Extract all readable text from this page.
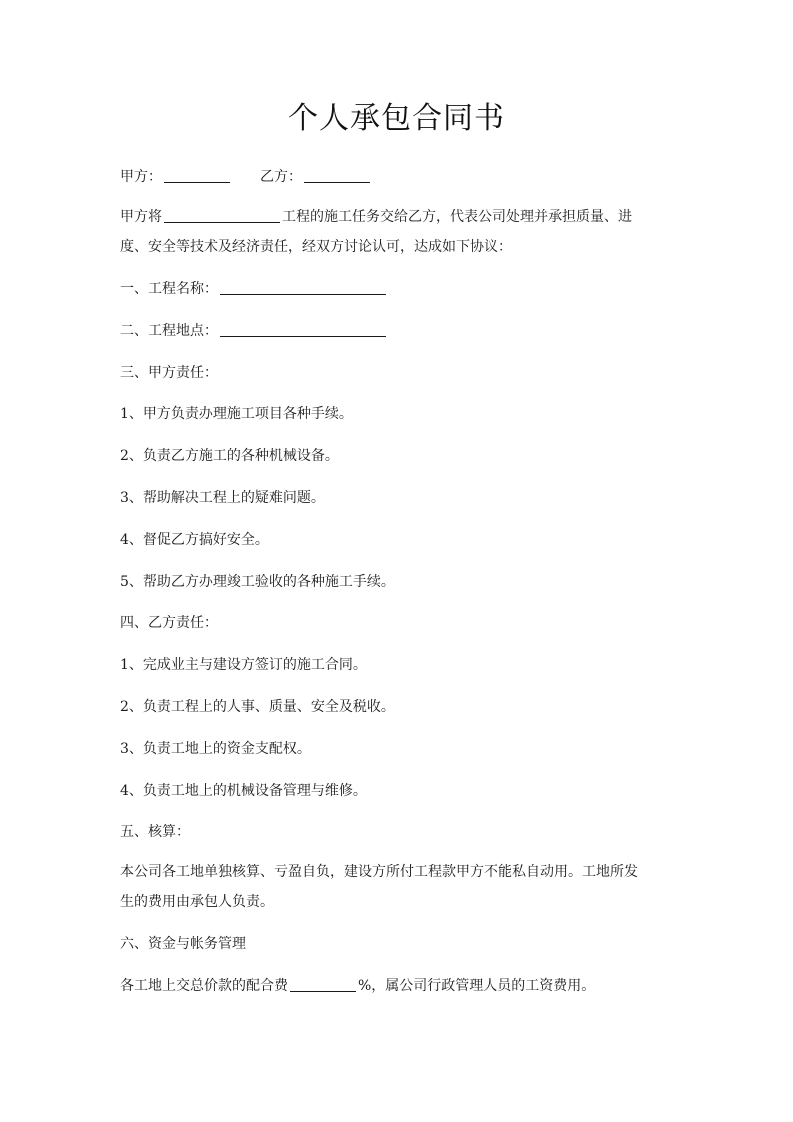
个人承包合同书
甲方：	乙方：

甲方将	工程的施工任务交给乙方，代表公司处理并承担质量、进

度、安全等技术及经济责任，经双方讨论认可，达成如下协议：

一、工程名称：
二、工程地点：
三、甲方责任：
1、甲方负责办理施工项目各种手续。
2、负责乙方施工的各种机械设备。
3、帮助解决工程上的疑难问题。
4、督促乙方搞好安全。
5、帮助乙方办理竣工验收的各种施工手续。
四、乙方责任：
1、完成业主与建设方签订的施工合同。
2、负责工程上的人事、质量、安全及税收。
3、负责工地上的资金支配权。
4、负责工地上的机械设备管理与维修。
五、核算：

本公司各工地单独核算、亏盈自负，建设方所付工程款甲方不能私自动用。工地所发

生的费用由承包人负责。

六、资金与帐务管理
各工地上交总价款的配合费	%，属公司行政管理人员的工资费用。
